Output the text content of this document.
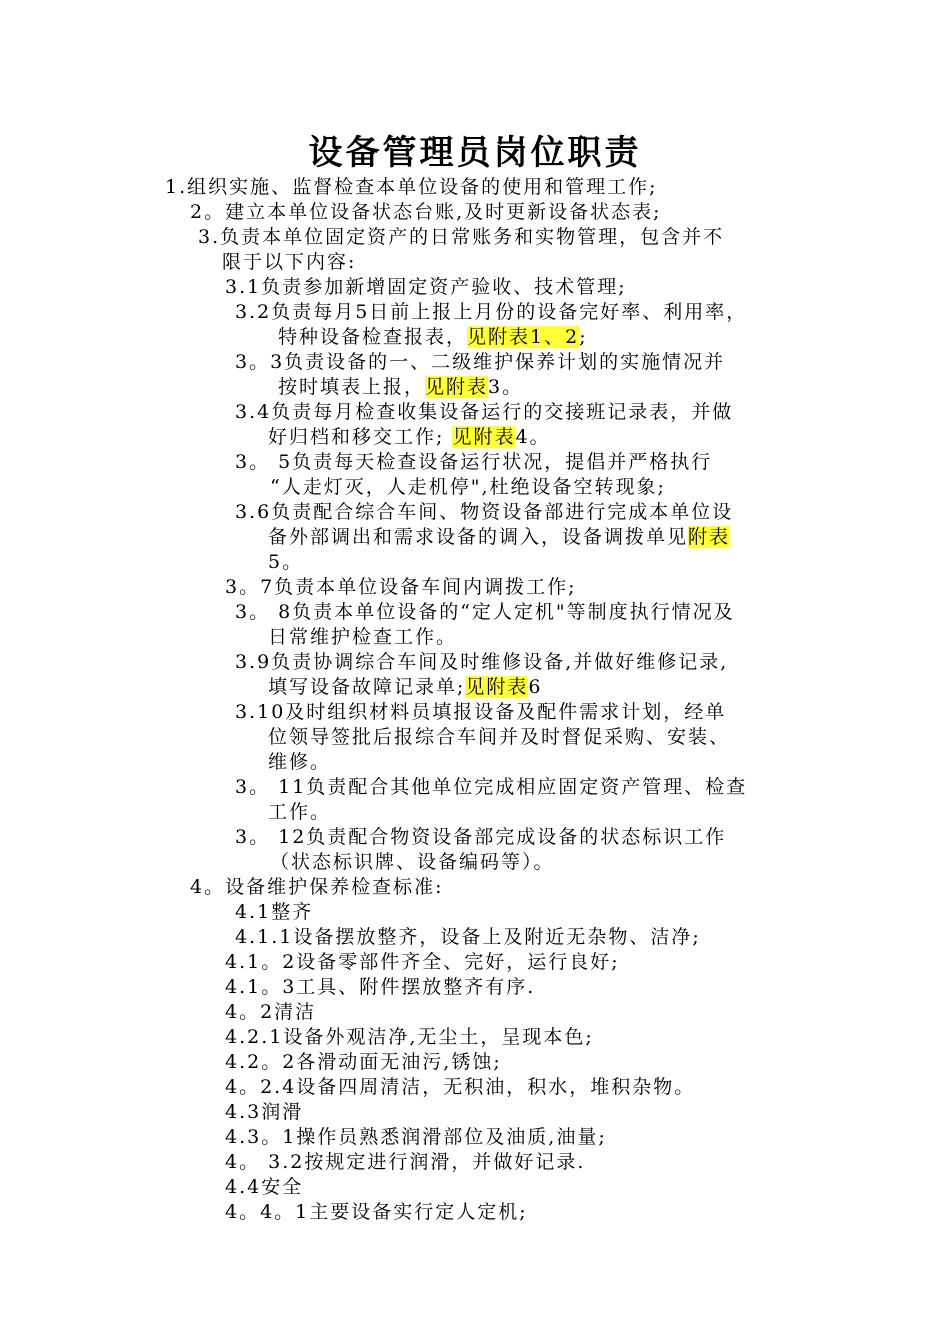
设备管理员岗位职责
1.组织实施、监督检查本单位设备的使用和管理工作;
2。建立本单位设备状态台账,及时更新设备状态表;
3.负责本单位固定资产的日常账务和实物管理，包含并不
限于以下内容:
3.1负责参加新增固定资产验收、技术管理;
3.2负责每月5日前上报上月份的设备完好率、利用率，
特种设备检查报表，见附表1、2;
3。3负责设备的一、二级维护保养计划的实施情况并
按时填表上报，见附表3。
3.4负责每月检查收集设备运行的交接班记录表，并做
好归档和移交工作; 见附表4。
3。 5负责每天检查设备运行状况，提倡并严格执行
“人走灯灭，人走机停",杜绝设备空转现象;
3.6负责配合综合车间、物资设备部进行完成本单位设
备外部调出和需求设备的调入，设备调拨单见附表
5。
3。7负责本单位设备车间内调拨工作;
3。 8负责本单位设备的“定人定机"等制度执行情况及
日常维护检查工作。
3.9负责协调综合车间及时维修设备,并做好维修记录,
填写设备故障记录单;见附表6
3.10及时组织材料员填报设备及配件需求计划，经单
位领导签批后报综合车间并及时督促采购、安装、
维修。
3。 11负责配合其他单位完成相应固定资产管理、检查
工作。
3。 12负责配合物资设备部完成设备的状态标识工作
（状态标识牌、设备编码等）。
4。设备维护保养检查标准:
4.1整齐
4.1.1设备摆放整齐，设备上及附近无杂物、洁净;
4.1。2设备零部件齐全、完好，运行良好;
4.1。3工具、附件摆放整齐有序.
4。2清洁
4.2.1设备外观洁净,无尘土，呈现本色;
4.2。2各滑动面无油污,锈蚀;
4。2.4设备四周清洁，无积油，积水，堆积杂物。
4.3润滑
4.3。1操作员熟悉润滑部位及油质,油量;
4。 3.2按规定进行润滑，并做好记录.
4.4安全
4。4。1主要设备实行定人定机;
